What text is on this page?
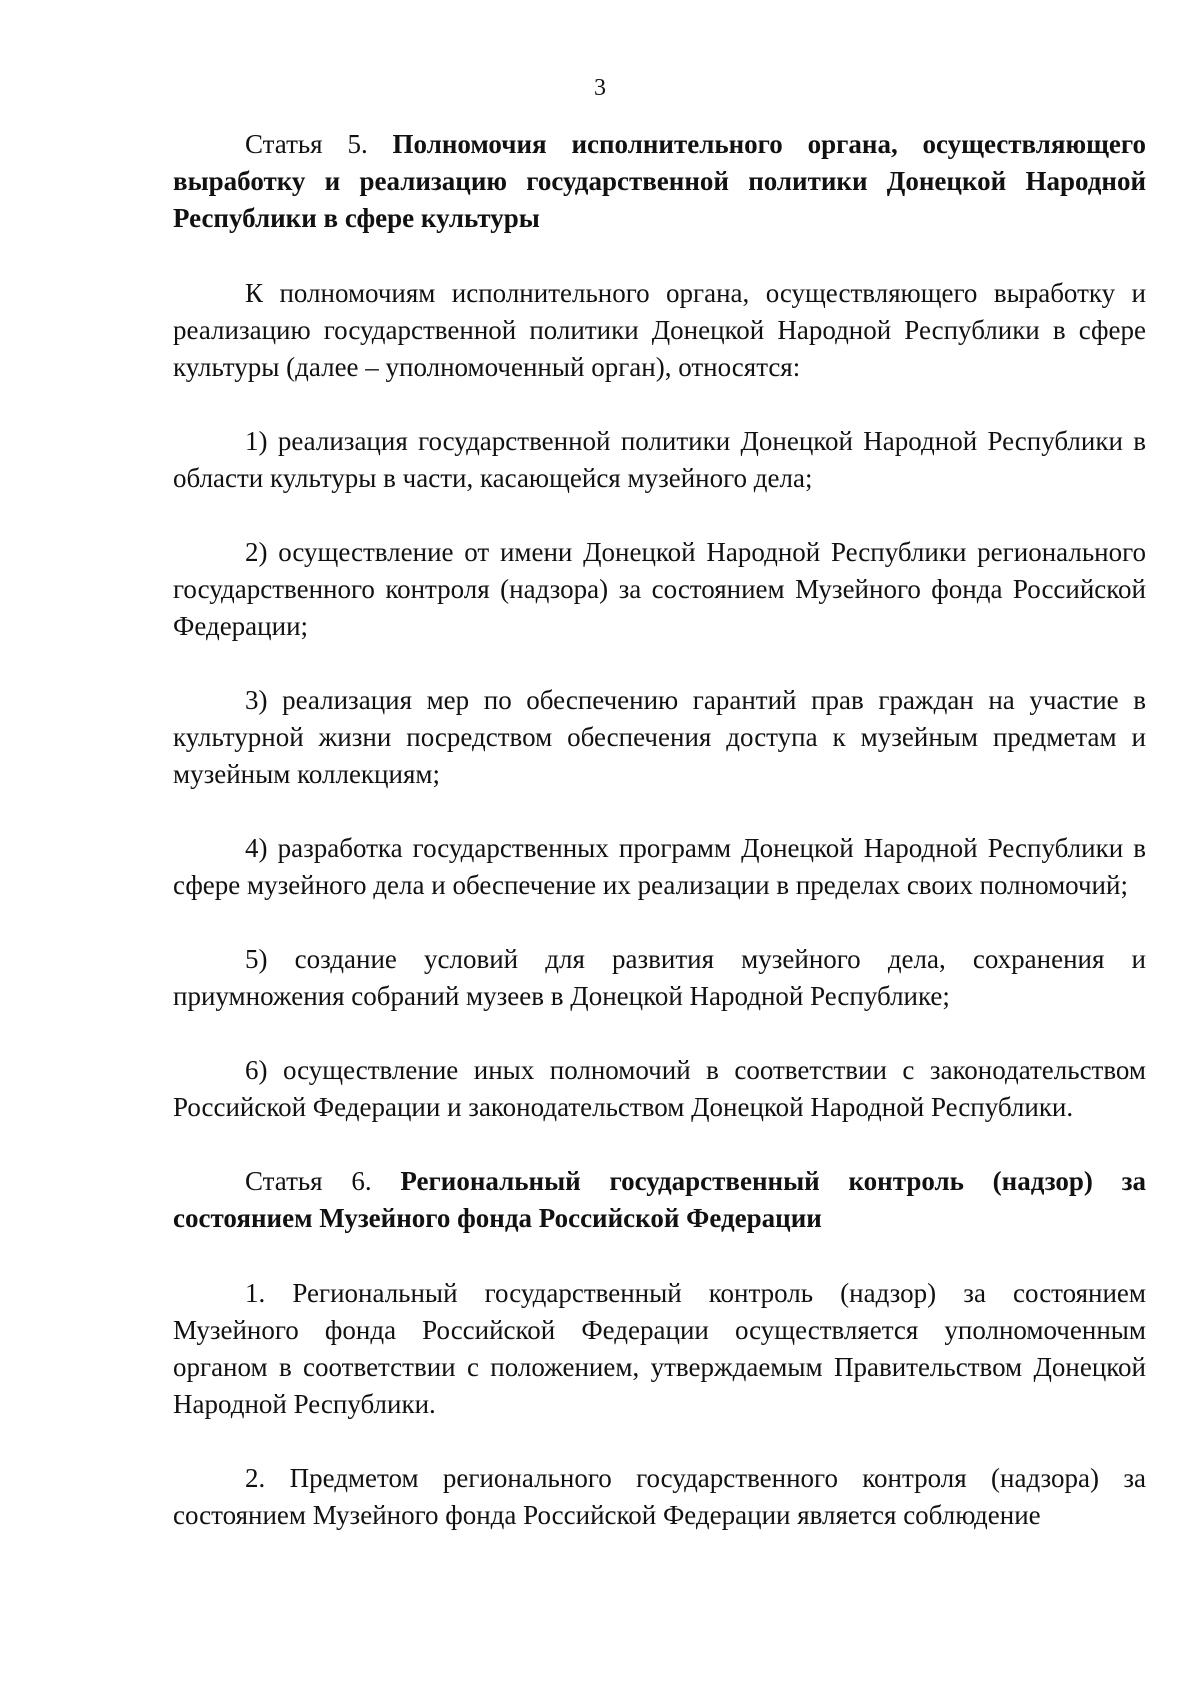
3

Статья 5. Полномочия исполнительного органа, осуществляющего выработку и реализацию государственной политики Донецкой Народной Республики в сфере культуры

К полномочиям исполнительного органа, осуществляющего выработку и реализацию государственной политики Донецкой Народной Республики в сфере культуры (далее – уполномоченный орган), относятся:

1) реализация государственной политики Донецкой Народной Республики в области культуры в части, касающейся музейного дела;

2) осуществление от имени Донецкой Народной Республики регионального государственного контроля (надзора) за состоянием Музейного фонда Российской Федерации;

3) реализация мер по обеспечению гарантий прав граждан на участие в культурной жизни посредством обеспечения доступа к музейным предметам и музейным коллекциям;

4) разработка государственных программ Донецкой Народной Республики в сфере музейного дела и обеспечение их реализации в пределах своих полномочий;

5) создание условий для развития музейного дела, сохранения и приумножения собраний музеев в Донецкой Народной Республике;

6) осуществление иных полномочий в соответствии с законодательством Российской Федерации и законодательством Донецкой Народной Республики.

Статья 6. Региональный государственный контроль (надзор) за состоянием Музейного фонда Российской Федерации

1. Региональный государственный контроль (надзор) за состоянием Музейного фонда Российской Федерации осуществляется уполномоченным органом в соответствии с положением, утверждаемым Правительством Донецкой Народной Республики.

2. Предметом регионального государственного контроля (надзора) за состоянием Музейного фонда Российской Федерации является соблюдение
